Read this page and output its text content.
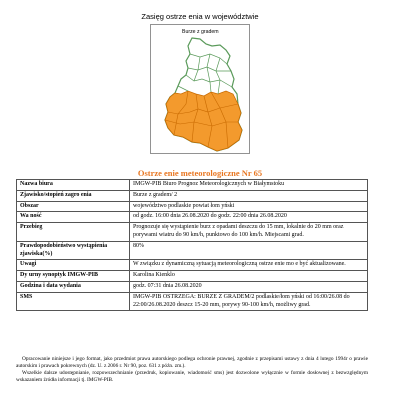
Zasięg ostrze enia w województwie
Burze z gradem
Ostrze enie meteorologiczne Nr 65
Nazwa biura	IMGW-PIB Biuro Prognoz Meteorologicznych w Białymstoku
Zjawisko/stopień zagro enia	Burze z gradem/ 2
Obszar	województwo podlaskie powiat łom yński
Wa ność	od godz. 16:00 dnia 26.08.2020 do godz. 22:00 dnia 26.08.2020
Przebieg	Prognozuje się wystąpienie burz z opadami deszczu do 15 mm, lokalnie do 20 mm oraz porywami wiatru do 90 km/h, punktowo do 100 km/h. Miejscami grad.
Prawdopodobieństwo wystąpienia zjawiska(%)	80%
Uwagi	W związku z dynamiczną sytuacją meteorologiczną ostrze enie mo e być aktualizowane.
Dy urny synoptyk IMGW-PIB	Karolina Kienklo
Godzina i data wydania	godz. 07:31 dnia 26.08.2020
SMS	IMGW-PIB OSTRZEGA: BURZE Z GRADEM/2 podlaskie/łom yński od 16:00/26.08 do 22:00/26.08.2020 deszcz 15-20 mm, porywy 90-100 km/h, możliwy grad.

Opracowanie niniejsze i jego format, jako przedmiot prawa autorskiego podlega ochronie prawnej, zgodnie z przepisami ustawy z dnia 4 lutego 1994r o prawie autorskim i prawach pokrewnych (dz. U. z 2006 r. Nr 90, poz. 631 z późn. zm.).

Wszelkie dalsze udostępnianie, rozpowszechnianie (przedruk, kopiowanie, wiadomość sms) jest dozwolone wyłącznie w formie dosłownej z bezwzględnym wskazaniem źródła informacji tj. IMGW-PIB.
